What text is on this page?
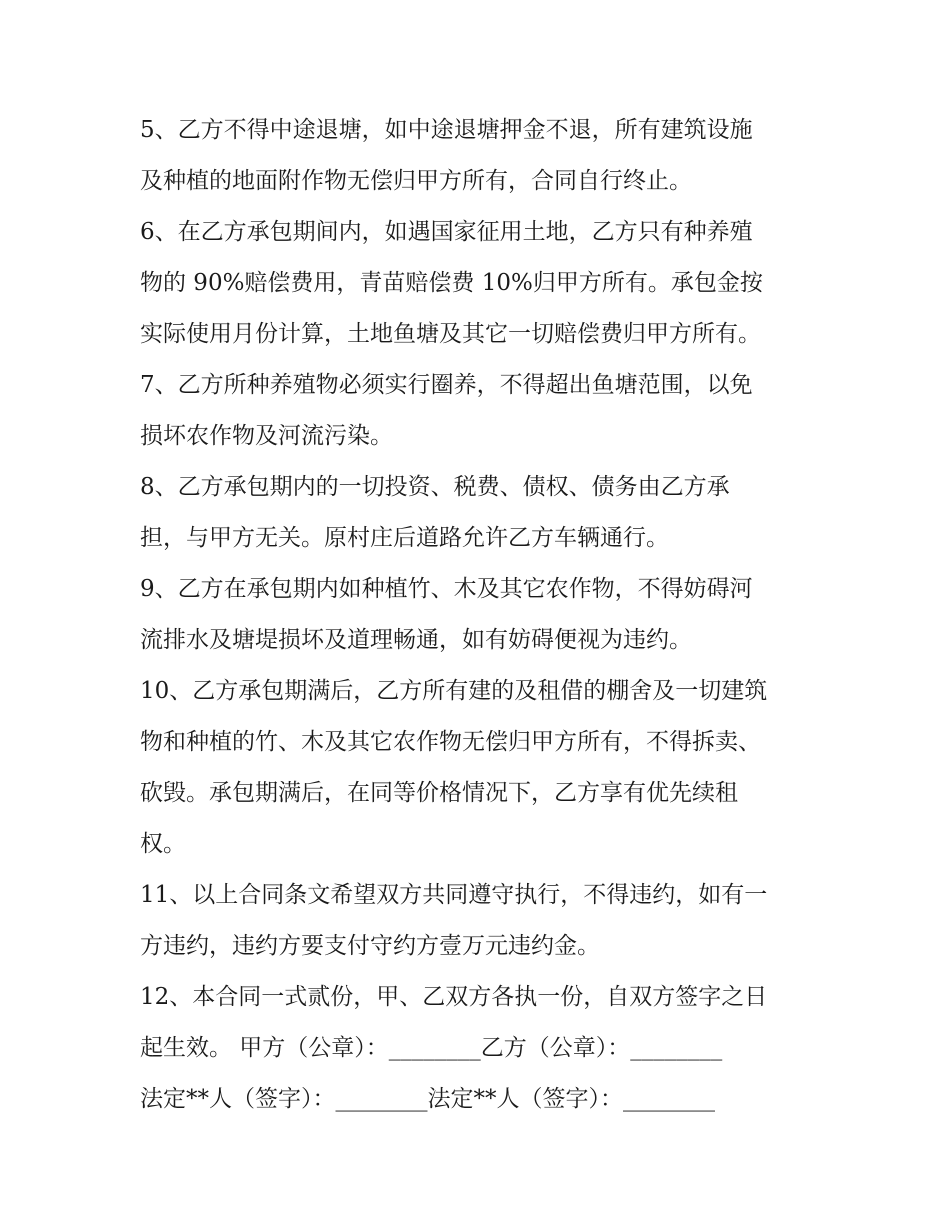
5、乙方不得中途退塘，如中途退塘押金不退，所有建筑设施

及种植的地面附作物无偿归甲方所有，合同自行终止。

6、在乙方承包期间内，如遇国家征用土地，乙方只有种养殖

物的 90%赔偿费用，青苗赔偿费 10%归甲方所有。承包金按

实际使用月份计算，土地鱼塘及其它一切赔偿费归甲方所有。

7、乙方所种养殖物必须实行圈养，不得超出鱼塘范围，以免

损坏农作物及河流污染。

8、乙方承包期内的一切投资、税费、债权、债务由乙方承

担，与甲方无关。原村庄后道路允许乙方车辆通行。

9、乙方在承包期内如种植竹、木及其它农作物，不得妨碍河

流排水及塘堤损坏及道理畅通，如有妨碍便视为违约。

10、乙方承包期满后，乙方所有建的及租借的棚舍及一切建筑

物和种植的竹、木及其它农作物无偿归甲方所有，不得拆卖、

砍毁。承包期满后，在同等价格情况下，乙方享有优先续租

权。

11、以上合同条文希望双方共同遵守执行，不得违约，如有一

方违约，违约方要支付守约方壹万元违约金。

12、本合同一式贰份，甲、乙双方各执一份，自双方签字之日

起生效。 甲方（公章）：________乙方（公章）：________

法定**人（签字）：________法定**人（签字）：________
